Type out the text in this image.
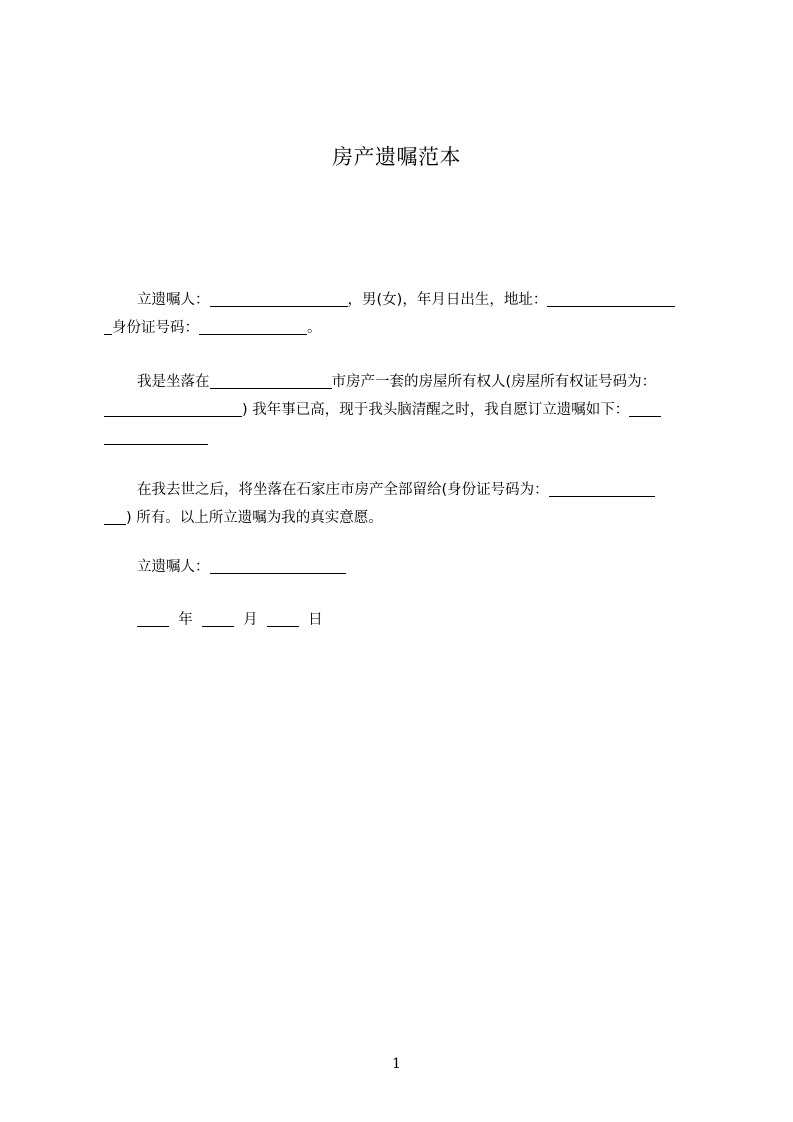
房产遗嘱范本
立遗嘱人：	，男(女)，年月日出生，地址：
身份证号码：	。
我是坐落在	市房产一套的房屋所有权人(房屋所有权证号码为：
) 我年事已高，现于我头脑清醒之时，我自愿订立遗嘱如下：
在我去世之后，将坐落在石家庄市房产全部留给(身份证号码为：
) 所有。以上所立遗嘱为我的真实意愿。
立遗嘱人：
年	月	日
1
